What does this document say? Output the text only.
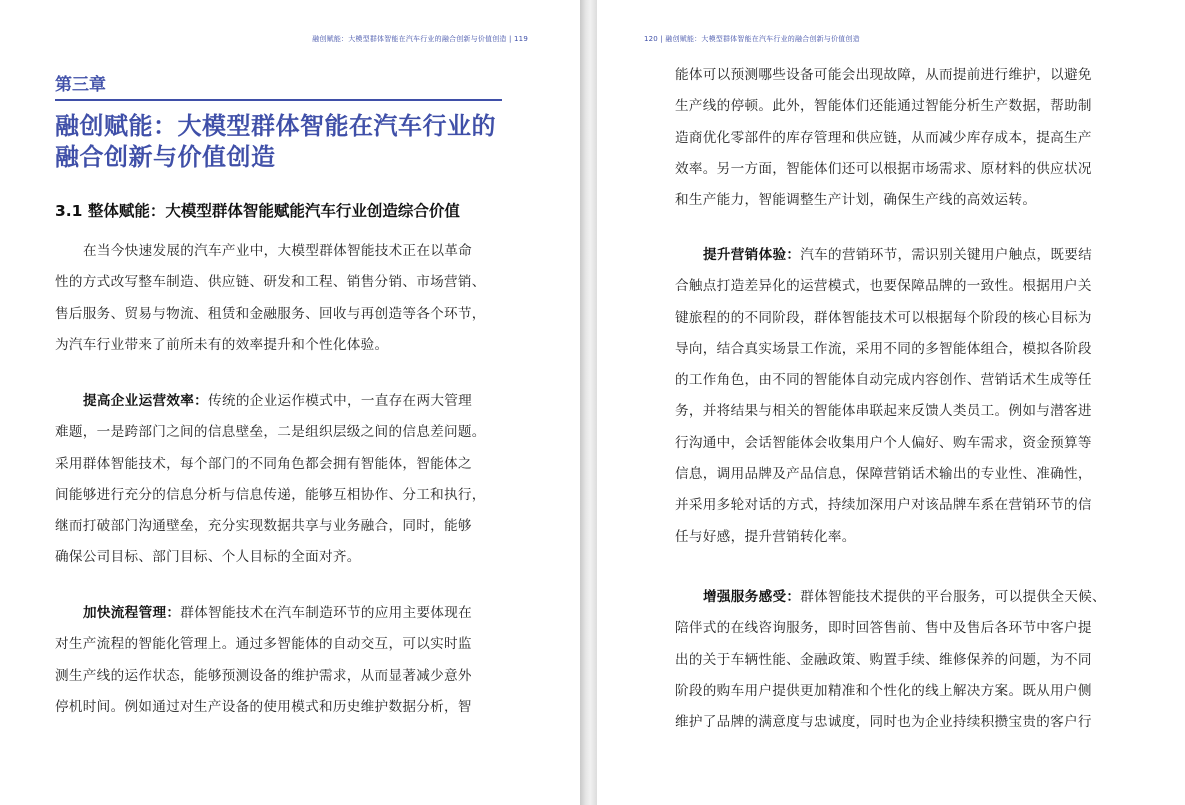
融创赋能：大模型群体智能在汽车行业的融合创新与价值创造 | 119
第三章
融创赋能：大模型群体智能在汽车行业的
融合创新与价值创造
3.1 整体赋能：大模型群体智能赋能汽车行业创造综合价值
在当今快速发展的汽车产业中，大模型群体智能技术正在以革命
性的方式改写整车制造、供应链、研发和工程、销售分销、市场营销、
售后服务、贸易与物流、租赁和金融服务、回收与再创造等各个环节，
为汽车行业带来了前所未有的效率提升和个性化体验。
提高企业运营效率：传统的企业运作模式中，一直存在两大管理
难题，一是跨部门之间的信息壁垒，二是组织层级之间的信息差问题。
采用群体智能技术，每个部门的不同角色都会拥有智能体，智能体之
间能够进行充分的信息分析与信息传递，能够互相协作、分工和执行，
继而打破部门沟通壁垒，充分实现数据共享与业务融合，同时，能够
确保公司目标、部门目标、个人目标的全面对齐。
加快流程管理：群体智能技术在汽车制造环节的应用主要体现在
对生产流程的智能化管理上。通过多智能体的自动交互，可以实时监
测生产线的运作状态，能够预测设备的维护需求，从而显著减少意外
停机时间。例如通过对生产设备的使用模式和历史维护数据分析，智
120 | 融创赋能：大模型群体智能在汽车行业的融合创新与价值创造
能体可以预测哪些设备可能会出现故障，从而提前进行维护，以避免
生产线的停顿。此外，智能体们还能通过智能分析生产数据，帮助制
造商优化零部件的库存管理和供应链，从而减少库存成本，提高生产
效率。另一方面，智能体们还可以根据市场需求、原材料的供应状况
和生产能力，智能调整生产计划，确保生产线的高效运转。
提升营销体验：汽车的营销环节，需识别关键用户触点，既要结
合触点打造差异化的运营模式，也要保障品牌的一致性。根据用户关
键旅程的的不同阶段，群体智能技术可以根据每个阶段的核心目标为
导向，结合真实场景工作流，采用不同的多智能体组合，模拟各阶段
的工作角色，由不同的智能体自动完成内容创作、营销话术生成等任
务，并将结果与相关的智能体串联起来反馈人类员工。例如与潜客进
行沟通中，会话智能体会收集用户个人偏好、购车需求，资金预算等
信息，调用品牌及产品信息，保障营销话术输出的专业性、准确性，
并采用多轮对话的方式，持续加深用户对该品牌车系在营销环节的信
任与好感，提升营销转化率。
增强服务感受：群体智能技术提供的平台服务，可以提供全天候、
陪伴式的在线咨询服务，即时回答售前、售中及售后各环节中客户提
出的关于车辆性能、金融政策、购置手续、维修保养的问题，为不同
阶段的购车用户提供更加精准和个性化的线上解决方案。既从用户侧
维护了品牌的满意度与忠诚度，同时也为企业持续积攒宝贵的客户行
